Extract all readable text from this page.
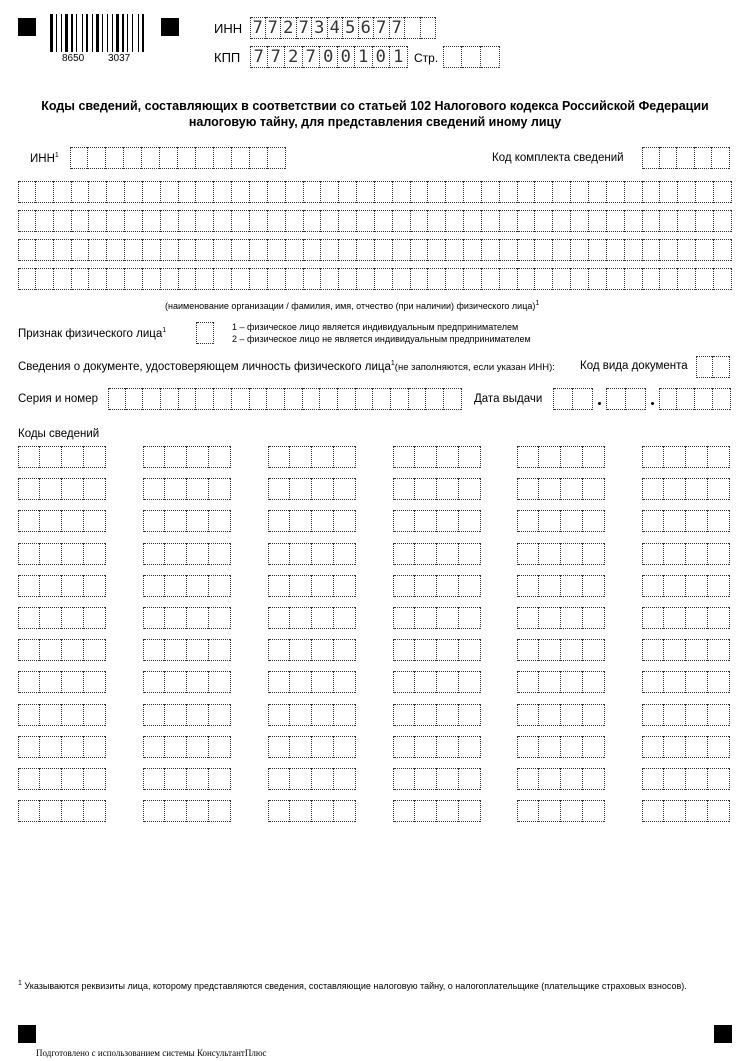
8650 3037
ИНН 7 7 2 7 3 4 5 6 7 7
КПП 7 7 2 7 0 0 1 0 1 Стр.
Коды сведений, составляющих в соответствии со статьей 102 Налогового кодекса Российской Федерации налоговую тайну, для представления сведений иному лицу
ИНН$^1$	Код комплекта сведений
(наименование организации / фамилия, имя, отчество (при наличии) физического лица)$^1$
Признак физического лица$^1$	1 – физическое лицо является индивидуальным предпринимателем
2 – физическое лицо не является индивидуальным предпринимателем
Сведения о документе, удостоверяющем личность физического лица$^1$(не заполняются, если указан ИНН): Код вида документа
Серия и номер	Дата выдачи
Коды сведений
$^1$ Указываются реквизиты лица, которому представляются сведения, составляющие налоговую тайну, о налогоплательщике (плательщике страховых взносов).
Подготовлено с использованием системы КонсультантПлюс
